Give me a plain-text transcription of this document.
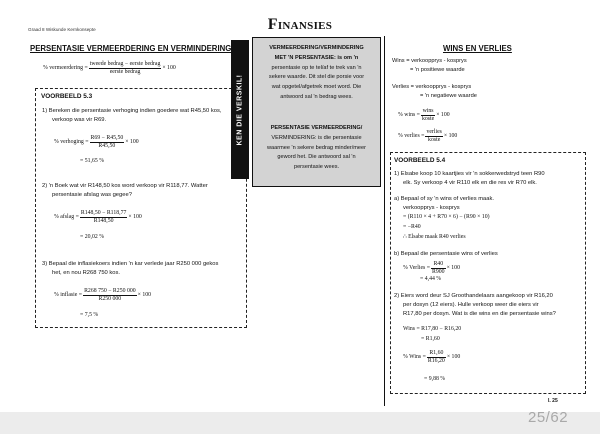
Graad 8 Wiskunde Kernkonsepte	Finansies
PERSENTASIE VERMEERDERING EN VERMINDERING
% vermeerdering = $\frac{\text{tweede bedrag − eerste bedrag}}{\text{eerste bedrag}} \times 100$
VOORBEELD 5.3
1) Bereken die persentasie verhoging indien goedere wat R45,50 kos,
verkoop was vir R69.
% verhoging = $\frac{R69 - R45,50}{R45,50} \times 100$
= 51,65 %
2) 'n Boek wat vir R148,50 kos word verkoop vir R118,77. Watter
persentasie afslag was gegee?
% afslag = $\frac{R148,50 - R118,77}{R148,50} \times 100$
= 20,02 %
3) Bepaal die inflasiekoers indien 'n kar verlede jaar R250 000 gekos
het, en nou R268 750 kos.
% inflasie = $\frac{R268 750 - R250 000}{R250 000} \times 100$
= 7,5 %
KEN DIE VERSKIL!
VERMEERDERING/VERMINDERING
MET 'N PERSENTASIE: is om 'n
persentasie op te tel/af te trek van 'n
sekere waarde. Dit stel die porsie voor
wat opgetel/afgetrek moet word. Die
antwoord sal 'n bedrag wees.
PERSENTASIE VERMEERDERING/
VERMINDERING: is die persentasie
waarmee 'n sekere bedrag minder/meer
geword het. Die antwoord sal 'n
persentasie wees.
WINS EN VERLIES
Wins = verkoopprys - kosprys
= 'n positiewe waarde
Verlies = verkoopprys - kosprys
= 'n negatiewe waarde
% wins = $\frac{\text{wins}}{\text{koste}} \times 100$
% verlies = $\frac{\text{verlies}}{\text{koste}} \times 100$
VOORBEELD 5.4
1) Elsabe koop 10 kaartjies vir 'n sokkerwedstryd teen R90
elk. Sy verkoop 4 vir R110 elk en die res vir R70 elk.
a) Bepaal of sy 'n wins of verlies maak.
verkoopprys - kosprys
= (R110 × 4 + R70 × 6) − (R90 × 10)
= −R40
∴ Elsabe maak R40 verlies
b) Bepaal die persentasie wins of verlies
% Verlies = $\frac{R40}{R900} \times 100$
= 4,44 %
2) Eiers word deur SJ Groothandelaars aangekoop vir R16,20
per dosyn (12 eiers). Hulle verkoop weer die eiers vir
R17,80 per dosyn. Wat is die wins en die persentasie wins?
Wins = R17,80 − R16,20
= R1,60
% Wins = $\frac{R1,60}{R16,20} \times 100$
= 9,88 %
I. 25
25/62
